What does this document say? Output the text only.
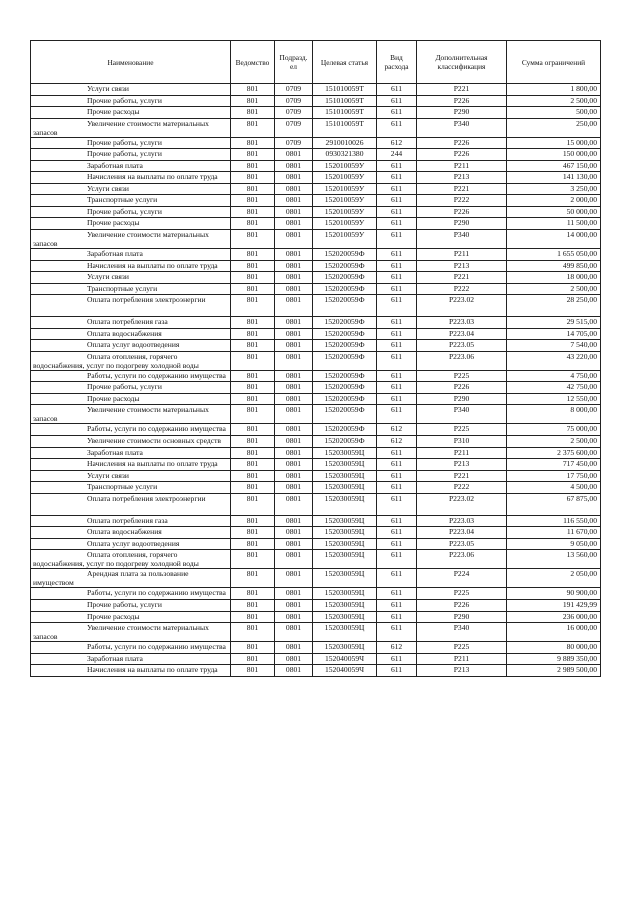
Наименование	Ведомство	Подразд. ел	Целевая статья	Вид расхода	Дополнительная классификация	Сумма ограничений
Услуги связи	801	0709	151010059Т	611	Р221	1 800,00
Прочие работы, услуги	801	0709	151010059Т	611	Р226	2 500,00
Прочие расходы	801	0709	151010059Т	611	Р290	500,00
Увеличение стоимости материальных запасов	801	0709	151010059Т	611	Р340	250,00
Прочие работы, услуги	801	0709	2910010026	612	Р226	15 000,00
Прочие работы, услуги	801	0801	0930321380	244	Р226	150 000,00
Заработная плата	801	0801	152010059У	611	Р211	467 150,00
Начисления на выплаты по оплате труда	801	0801	152010059У	611	Р213	141 130,00
Услуги связи	801	0801	152010059У	611	Р221	3 250,00
Транспортные услуги	801	0801	152010059У	611	Р222	2 000,00
Прочие работы, услуги	801	0801	152010059У	611	Р226	50 000,00
Прочие расходы	801	0801	152010059У	611	Р290	11 500,00
Увеличение стоимости материальных запасов	801	0801	152010059У	611	Р340	14 000,00
Заработная плата	801	0801	152020059Ф	611	Р211	1 655 050,00
Начисления на выплаты по оплате труда	801	0801	152020059Ф	611	Р213	499 850,00
Услуги связи	801	0801	152020059Ф	611	Р221	18 000,00
Транспортные услуги	801	0801	152020059Ф	611	Р222	2 500,00
Оплата потребления электроэнергии	801	0801	152020059Ф	611	Р223.02	28 250,00
Оплата потребления газа	801	0801	152020059Ф	611	Р223.03	29 515,00
Оплата водоснабжения	801	0801	152020059Ф	611	Р223.04	14 705,00
Оплата услуг водоотведения	801	0801	152020059Ф	611	Р223.05	7 540,00
Оплата отопления, горячего водоснабжения, услуг по подогреву холодной воды	801	0801	152020059Ф	611	Р223.06	43 220,00
Работы, услуги по содержанию имущества	801	0801	152020059Ф	611	Р225	4 750,00
Прочие работы, услуги	801	0801	152020059Ф	611	Р226	42 750,00
Прочие расходы	801	0801	152020059Ф	611	Р290	12 550,00
Увеличение стоимости материальных запасов	801	0801	152020059Ф	611	Р340	8 000,00
Работы, услуги по содержанию имущества	801	0801	152020059Ф	612	Р225	75 000,00
Увеличение стоимости основных средств	801	0801	152020059Ф	612	Р310	2 500,00
Заработная плата	801	0801	152030059Ц	611	Р211	2 375 600,00
Начисления на выплаты по оплате труда	801	0801	152030059Ц	611	Р213	717 450,00
Услуги связи	801	0801	152030059Ц	611	Р221	17 750,00
Транспортные услуги	801	0801	152030059Ц	611	Р222	4 500,00
Оплата потребления электроэнергии	801	0801	152030059Ц	611	Р223.02	67 875,00
Оплата потребления газа	801	0801	152030059Ц	611	Р223.03	116 550,00
Оплата водоснабжения	801	0801	152030059Ц	611	Р223.04	11 670,00
Оплата услуг водоотведения	801	0801	152030059Ц	611	Р223.05	9 050,00
Оплата отопления, горячего водоснабжения, услуг по подогреву холодной воды	801	0801	152030059Ц	611	Р223.06	13 560,00
Арендная плата за пользование имуществом	801	0801	152030059Ц	611	Р224	2 050,00
Работы, услуги по содержанию имущества	801	0801	152030059Ц	611	Р225	90 900,00
Прочие работы, услуги	801	0801	152030059Ц	611	Р226	191 429,99
Прочие расходы	801	0801	152030059Ц	611	Р290	236 000,00
Увеличение стоимости материальных запасов	801	0801	152030059Ц	611	Р340	16 000,00
Работы, услуги по содержанию имущества	801	0801	152030059Ц	612	Р225	80 000,00
Заработная плата	801	0801	152040059Ч	611	Р211	9 889 350,00
Начисления на выплаты по оплате труда	801	0801	152040059Ч	611	Р213	2 989 500,00
